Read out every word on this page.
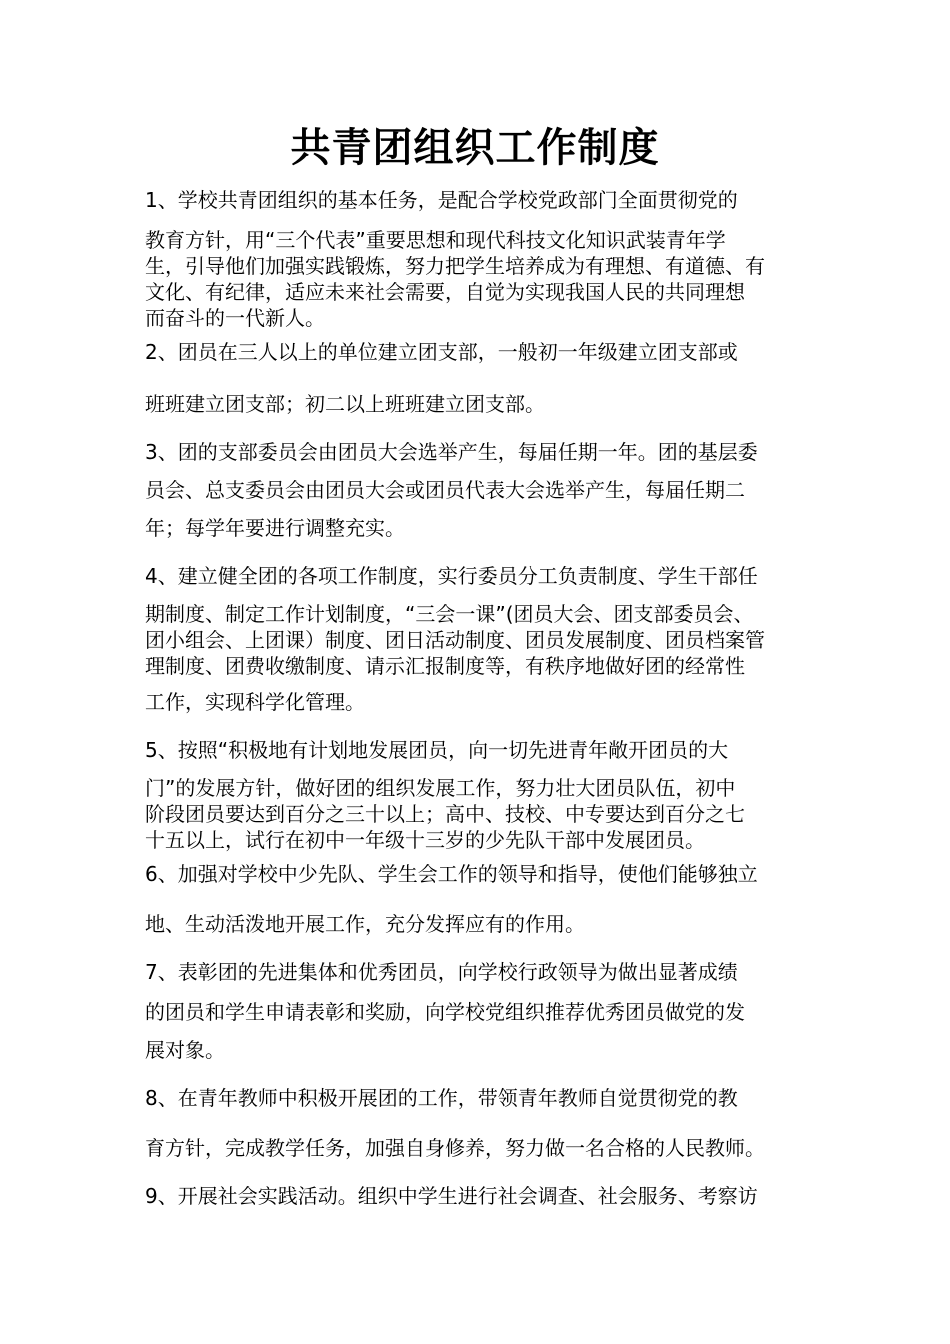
共青团组织工作制度

1、学校共青团组织的基本任务，是配合学校党政部门全面贯彻党的

教育方针，用“三个代表”重要思想和现代科技文化知识武装青年学

生，引导他们加强实践锻炼，努力把学生培养成为有理想、有道德、有

文化、有纪律，适应未来社会需要，自觉为实现我国人民的共同理想

而奋斗的一代新人。

2、团员在三人以上的单位建立团支部，一般初一年级建立团支部或

班班建立团支部；初二以上班班建立团支部。

3、团的支部委员会由团员大会选举产生，每届任期一年。团的基层委

员会、总支委员会由团员大会或团员代表大会选举产生，每届任期二

年；每学年要进行调整充实。

4、建立健全团的各项工作制度，实行委员分工负责制度、学生干部任

期制度、制定工作计划制度，“三会一课”(团员大会、团支部委员会、

团小组会、上团课）制度、团日活动制度、团员发展制度、团员档案管

理制度、团费收缴制度、请示汇报制度等，有秩序地做好团的经常性

工作，实现科学化管理。

5、按照“积极地有计划地发展团员，向一切先进青年敞开团员的大

门”的发展方针，做好团的组织发展工作，努力壮大团员队伍，初中

阶段团员要达到百分之三十以上；高中、技校、中专要达到百分之七

十五以上，试行在初中一年级十三岁的少先队干部中发展团员。

6、加强对学校中少先队、学生会工作的领导和指导，使他们能够独立

地、生动活泼地开展工作，充分发挥应有的作用。

7、表彰团的先进集体和优秀团员，向学校行政领导为做出显著成绩

的团员和学生申请表彰和奖励，向学校党组织推荐优秀团员做党的发

展对象。

8、在青年教师中积极开展团的工作，带领青年教师自觉贯彻党的教

育方针，完成教学任务，加强自身修养，努力做一名合格的人民教师。

9、开展社会实践活动。组织中学生进行社会调查、社会服务、考察访
